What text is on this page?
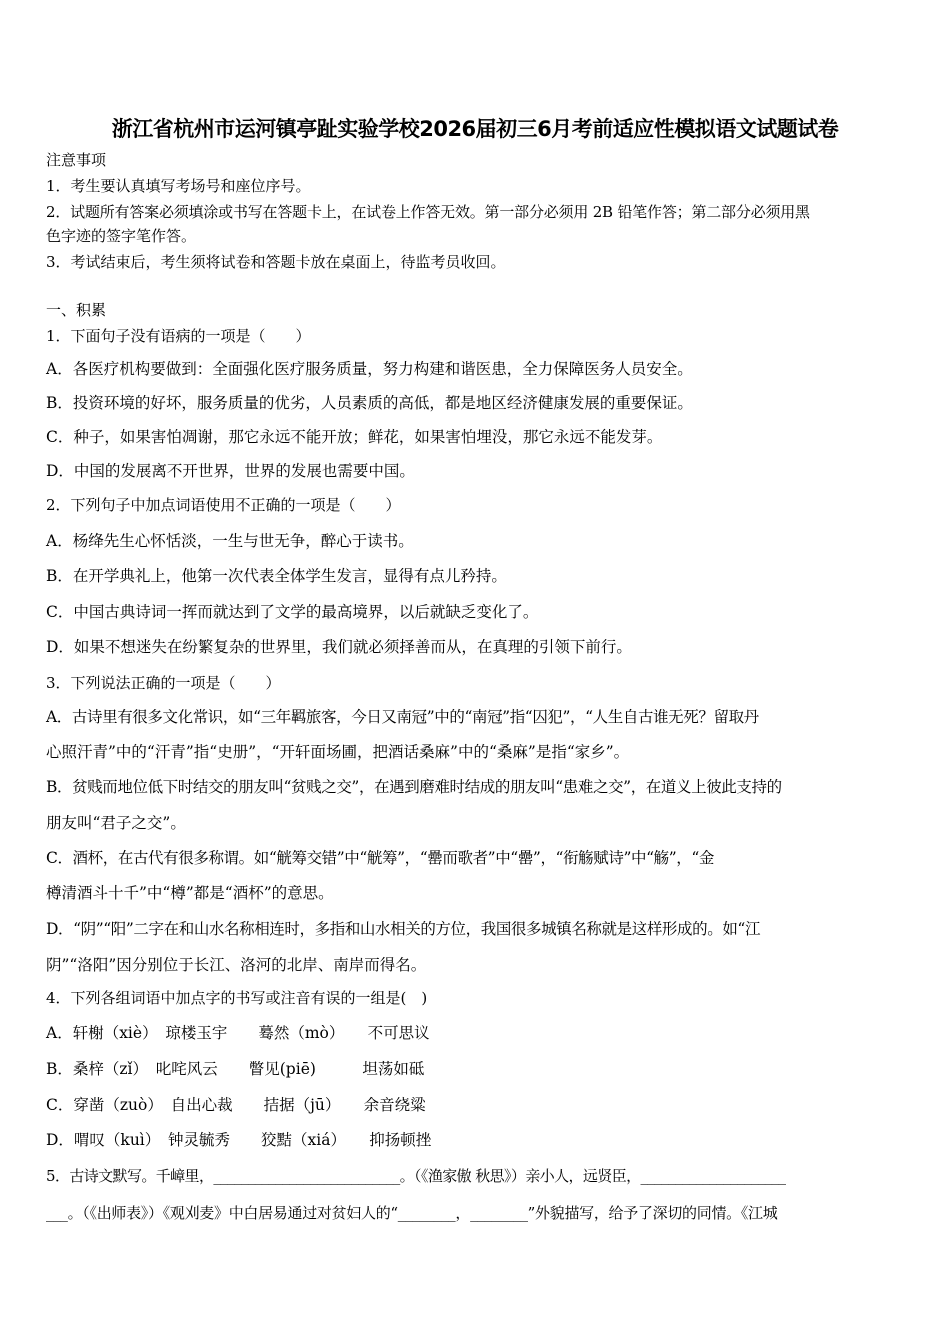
浙江省杭州市运河镇亭趾实验学校2026届初三6月考前适应性模拟语文试题试卷
注意事项
1．考生要认真填写考场号和座位序号。
2．试题所有答案必须填涂或书写在答题卡上，在试卷上作答无效。第一部分必须用 2B 铅笔作答；第二部分必须用黑
色字迹的签字笔作答。
3．考试结束后，考生须将试卷和答题卡放在桌面上，待监考员收回。
一、积累
1．下面句子没有语病的一项是（　　）
A．各医疗机构要做到：全面强化医疗服务质量，努力构建和谐医患，全力保障医务人员安全。
B．投资环境的好坏，服务质量的优劣，人员素质的高低，都是地区经济健康发展的重要保证。
C．种子，如果害怕凋谢，那它永远不能开放；鲜花，如果害怕埋没，那它永远不能发芽。
D．中国的发展离不开世界，世界的发展也需要中国。
2．下列句子中加点词语使用不正确的一项是（　　）
A．杨绛先生心怀恬淡，一生与世无争，醉心于读书。
B．在开学典礼上，他第一次代表全体学生发言，显得有点儿矜持。
C．中国古典诗词一挥而就达到了文学的最高境界，以后就缺乏变化了。
D．如果不想迷失在纷繁复杂的世界里，我们就必须择善而从，在真理的引领下前行。
3．下列说法正确的一项是（　　）
A．古诗里有很多文化常识，如“三年羁旅客，今日又南冠”中的“南冠”指“囚犯”，“人生自古谁无死？留取丹
心照汗青”中的“汗青”指“史册”，“开轩面场圃，把酒话桑麻”中的“桑麻”是指“家乡”。
B．贫贱而地位低下时结交的朋友叫“贫贱之交”，在遇到磨难时结成的朋友叫“患难之交”，在道义上彼此支持的
朋友叫“君子之交”。
C．酒杯，在古代有很多称谓。如“觥筹交错”中“觥筹”，“罍而歌者”中“罍”，“衔觞赋诗”中“觞”，“金
樽清酒斗十千”中“樽”都是“酒杯”的意思。
D．“阴”“阳”二字在和山水名称相连时，多指和山水相关的方位，我国很多城镇名称就是这样形成的。如“江
阴”“洛阳”因分别位于长江、洛河的北岸、南岸而得名。
4．下列各组词语中加点字的书写或注音有误的一组是(　)
A．轩榭（xiè）　琼楼玉宇　　蓦然（mò）　　不可思议
B．桑梓（zǐ）　叱咤风云　　瞥见(piē)　　　坦荡如砥
C．穿凿（zuò）　自出心裁　　拮据（jū）　　余音绕粱
D．喟叹（kuì）　钟灵毓秀　　狡黠（xiá）　　抑扬顿挫
5．古诗文默写。千嶂里，___________________________。（《渔家傲 秋思》）亲小人，远贤臣，_____________________
___。（《出师表》）《观刈麦》中白居易通过对贫妇人的“________，________”外貌描写，给予了深切的同情。《江城
